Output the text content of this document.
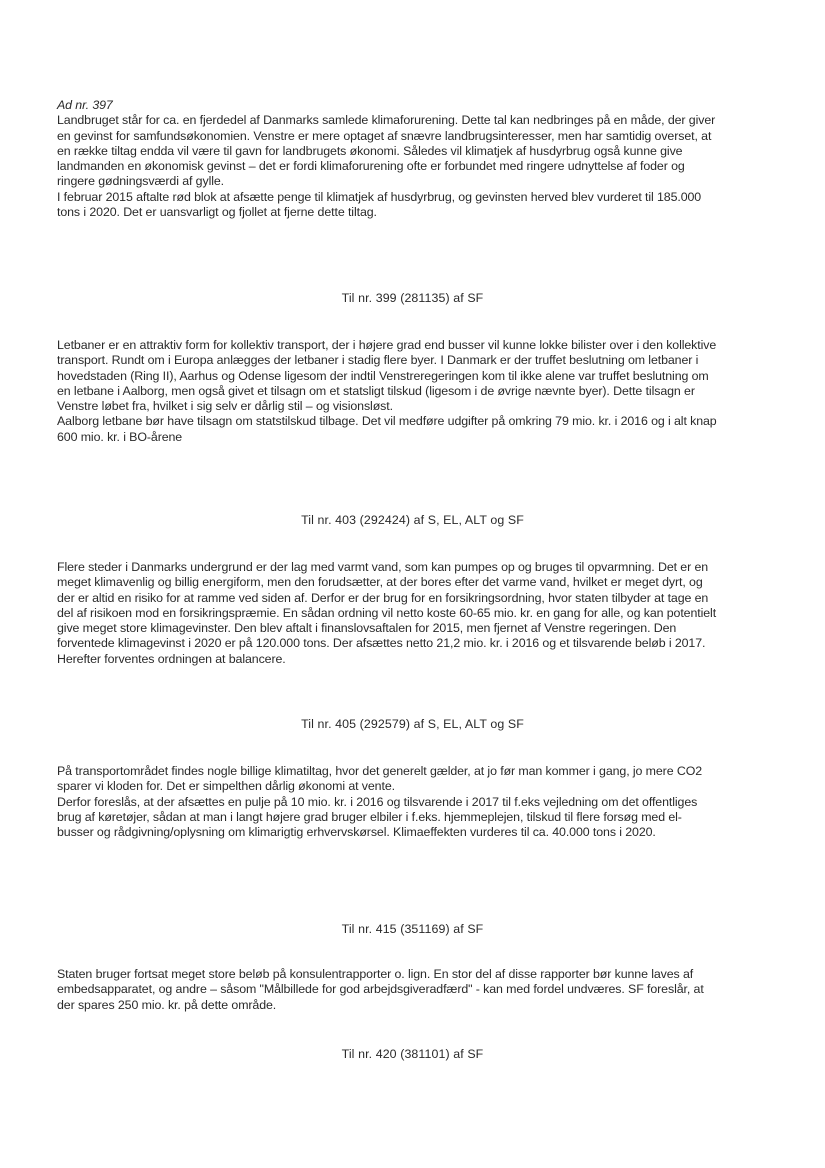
Ad nr. 397

Landbruget står for ca. en fjerdedel af Danmarks samlede klimaforurening. Dette tal kan nedbringes på en måde, der giver en gevinst for samfundsøkonomien. Venstre er mere optaget af snævre landbrugsinteresser, men har samtidig overset, at en række tiltag endda vil være til gavn for landbrugets økonomi. Således vil klimatjek af husdyrbrug også kunne give landmanden en økonomisk gevinst – det er fordi klimaforurening ofte er forbundet med ringere udnyttelse af foder og ringere gødningsværdi af gylle.

I februar 2015 aftalte rød blok at afsætte penge til klimatjek af husdyrbrug, og gevinsten herved blev vurderet til 185.000 tons i 2020. Det er uansvarligt og fjollet at fjerne dette tiltag.

Til nr. 399 (281135) af SF

Letbaner er en attraktiv form for kollektiv transport, der i højere grad end busser vil kunne lokke bilister over i den kollektive transport. Rundt om i Europa anlægges der letbaner i stadig flere byer. I Danmark er der truffet beslutning om letbaner i hovedstaden (Ring II), Aarhus og Odense ligesom der indtil Venstreregeringen kom til ikke alene var truffet beslutning om en letbane i Aalborg, men også givet et tilsagn om et statsligt tilskud (ligesom i de øvrige nævnte byer). Dette tilsagn er Venstre løbet fra, hvilket i sig selv er dårlig stil – og visionsløst.

Aalborg letbane bør have tilsagn om statstilskud tilbage. Det vil medføre udgifter på omkring 79 mio. kr. i 2016 og i alt knap 600 mio. kr. i BO-årene

Til nr. 403 (292424) af S, EL, ALT og SF

Flere steder i Danmarks undergrund er der lag med varmt vand, som kan pumpes op og bruges til opvarmning. Det er en meget klimavenlig og billig energiform, men den forudsætter, at der bores efter det varme vand, hvilket er meget dyrt, og der er altid en risiko for at ramme ved siden af. Derfor er der brug for en forsikringsordning, hvor staten tilbyder at tage en del af risikoen mod en forsikringspræmie. En sådan ordning vil netto koste 60-65 mio. kr. en gang for alle, og kan potentielt give meget store klimagevinster. Den blev aftalt i finanslovsaftalen for 2015, men fjernet af Venstre regeringen. Den forventede klimagevinst i 2020 er på 120.000 tons. Der afsættes netto 21,2 mio. kr. i 2016 og et tilsvarende beløb i 2017. Herefter forventes ordningen at balancere.

Til nr. 405 (292579) af S, EL, ALT og SF

På transportområdet findes nogle billige klimatiltag, hvor det generelt gælder, at jo før man kommer i gang, jo mere CO2 sparer vi kloden for. Det er simpelthen dårlig økonomi at vente.

Derfor foreslås, at der afsættes en pulje på 10 mio. kr. i 2016 og tilsvarende i 2017 til f.eks vejledning om det offentliges brug af køretøjer, sådan at man i langt højere grad bruger elbiler i f.eks. hjemmeplejen, tilskud til flere forsøg med el-busser og rådgivning/oplysning om klimarigtig erhvervskørsel. Klimaeffekten vurderes til ca. 40.000 tons i 2020.

Til nr. 415 (351169) af SF

Staten bruger fortsat meget store beløb på konsulentrapporter o. lign. En stor del af disse rapporter bør kunne laves af embedsapparatet, og andre – såsom "Målbillede for god arbejdsgiveradfærd" - kan med fordel undværes. SF foreslår, at der spares 250 mio. kr. på dette område.

Til nr. 420 (381101) af SF
